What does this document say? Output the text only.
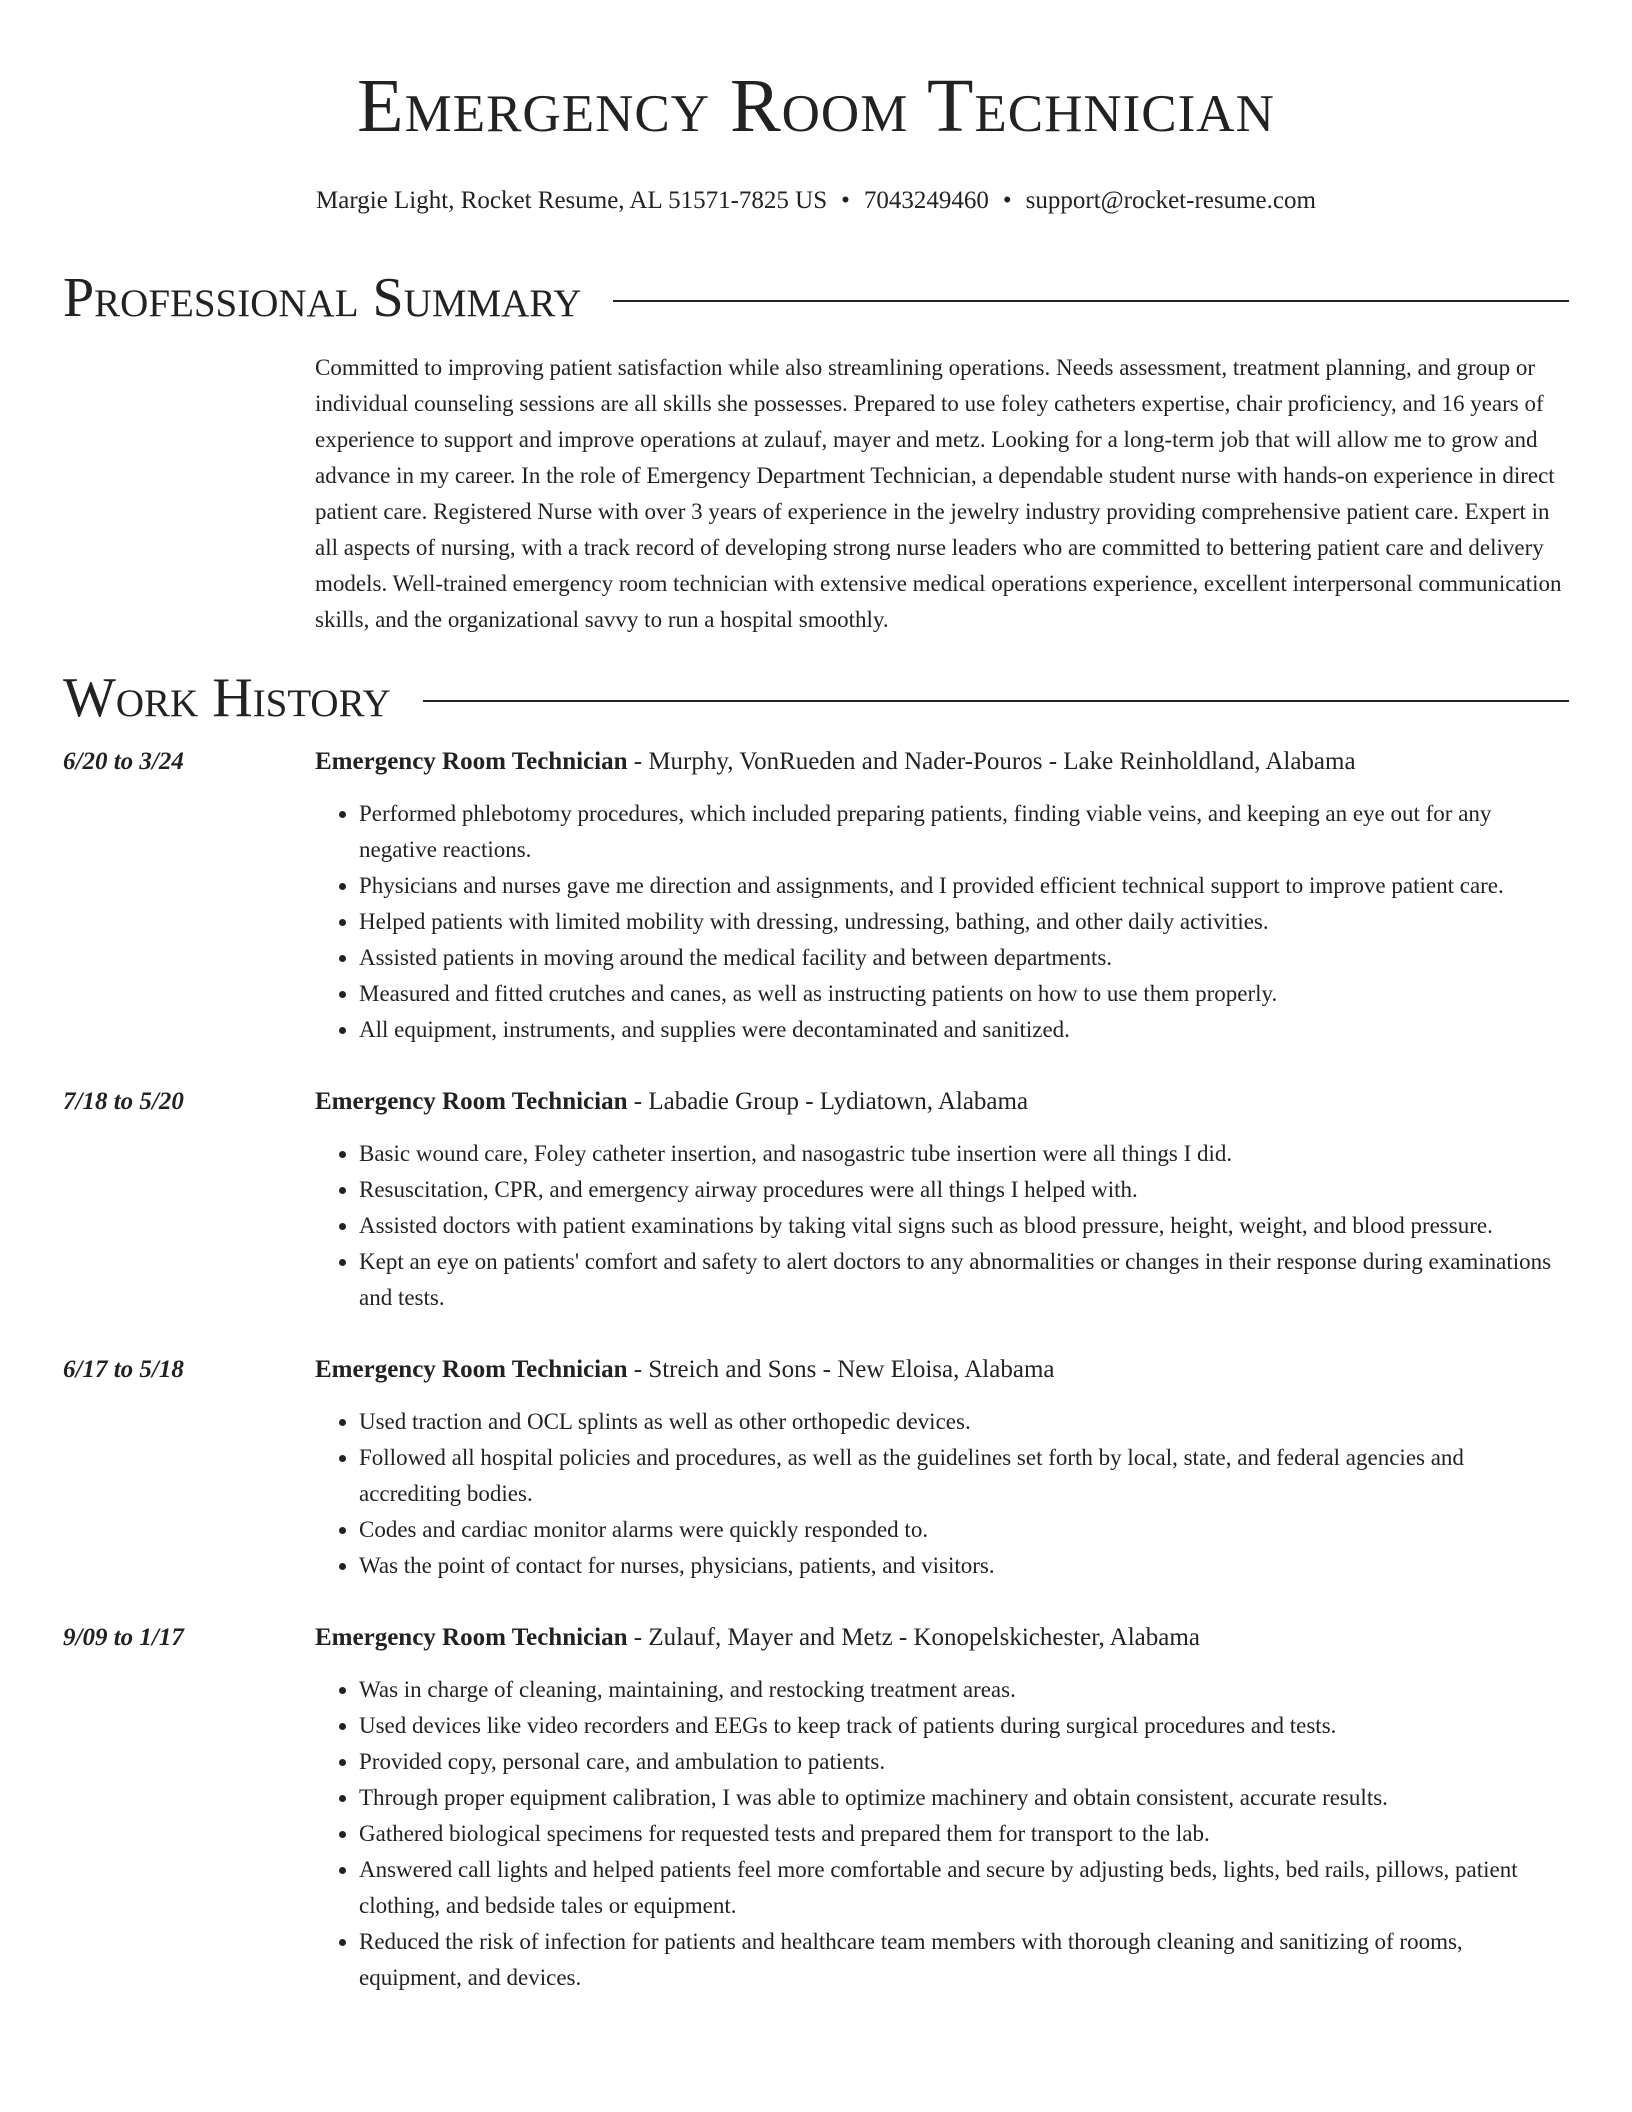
Emergency Room Technician
Margie Light, Rocket Resume, AL 51571-7825 US • 7043249460 • support@rocket-resume.com
Professional Summary

Committed to improving patient satisfaction while also streamlining operations. Needs assessment, treatment planning, and group or individual counseling sessions are all skills she possesses. Prepared to use foley catheters expertise, chair proficiency, and 16 years of experience to support and improve operations at zulauf, mayer and metz. Looking for a long-term job that will allow me to grow and advance in my career. In the role of Emergency Department Technician, a dependable student nurse with hands-on experience in direct patient care. Registered Nurse with over 3 years of experience in the jewelry industry providing comprehensive patient care. Expert in all aspects of nursing, with a track record of developing strong nurse leaders who are committed to bettering patient care and delivery models. Well-trained emergency room technician with extensive medical operations experience, excellent interpersonal communication skills, and the organizational savvy to run a hospital smoothly.

Work History
6/20 to 3/24	Emergency Room Technician - Murphy, VonRueden and Nader-Pouros - Lake Reinholdland, Alabama
• Performed phlebotomy procedures, which included preparing patients, finding viable veins, and keeping an eye out for any negative reactions.
• Physicians and nurses gave me direction and assignments, and I provided efficient technical support to improve patient care.
• Helped patients with limited mobility with dressing, undressing, bathing, and other daily activities.
• Assisted patients in moving around the medical facility and between departments.
• Measured and fitted crutches and canes, as well as instructing patients on how to use them properly.
• All equipment, instruments, and supplies were decontaminated and sanitized.
7/18 to 5/20	Emergency Room Technician - Labadie Group - Lydiatown, Alabama
• Basic wound care, Foley catheter insertion, and nasogastric tube insertion were all things I did.
• Resuscitation, CPR, and emergency airway procedures were all things I helped with.
• Assisted doctors with patient examinations by taking vital signs such as blood pressure, height, weight, and blood pressure.
• Kept an eye on patients' comfort and safety to alert doctors to any abnormalities or changes in their response during examinations and tests.
6/17 to 5/18	Emergency Room Technician - Streich and Sons - New Eloisa, Alabama
• Used traction and OCL splints as well as other orthopedic devices.
• Followed all hospital policies and procedures, as well as the guidelines set forth by local, state, and federal agencies and accrediting bodies.
• Codes and cardiac monitor alarms were quickly responded to.
• Was the point of contact for nurses, physicians, patients, and visitors.
9/09 to 1/17	Emergency Room Technician - Zulauf, Mayer and Metz - Konopelskichester, Alabama
• Was in charge of cleaning, maintaining, and restocking treatment areas.
• Used devices like video recorders and EEGs to keep track of patients during surgical procedures and tests.
• Provided copy, personal care, and ambulation to patients.
• Through proper equipment calibration, I was able to optimize machinery and obtain consistent, accurate results.
• Gathered biological specimens for requested tests and prepared them for transport to the lab.
• Answered call lights and helped patients feel more comfortable and secure by adjusting beds, lights, bed rails, pillows, patient clothing, and bedside tales or equipment.
• Reduced the risk of infection for patients and healthcare team members with thorough cleaning and sanitizing of rooms, equipment, and devices.
